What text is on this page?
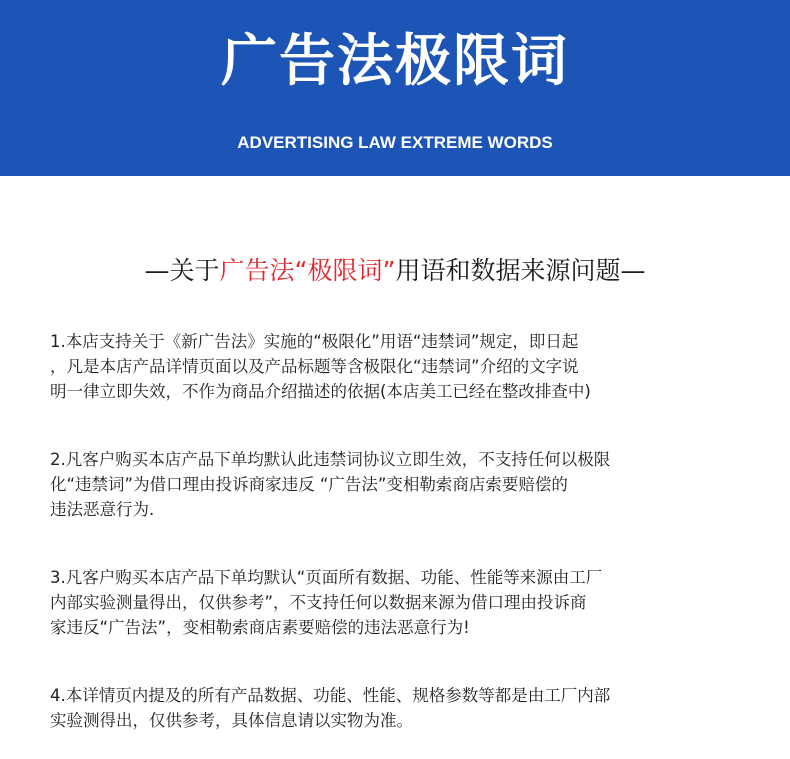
广告法极限词
ADVERTISING LAW EXTREME WORDS
—关于广告法“极限词”用语和数据来源问题—
1.本店支持关于《新广告法》实施的“极限化”用语“违禁词”规定，即日起
，凡是本店产品详情页面以及产品标题等含极限化“违禁词”介绍的文字说
明一律立即失效，不作为商品介绍描述的依据(本店美工已经在整改排查中)
2.凡客户购买本店产品下单均默认此违禁词协议立即生效，不支持任何以极限
化“违禁词”为借口理由投诉商家违反 “广告法”变相勒索商店索要赔偿的
违法恶意行为.
3.凡客户购买本店产品下单均默认“页面所有数据、功能、性能等来源由工厂
内部实验测量得出，仅供参考”，不支持任何以数据来源为借口理由投诉商
家违反“广告法”，变相勒索商店素要赔偿的违法恶意行为!
4.本详情页内提及的所有产品数据、功能、性能、规格参数等都是由工厂内部
实验测得出，仅供参考，具体信息请以实物为准。
